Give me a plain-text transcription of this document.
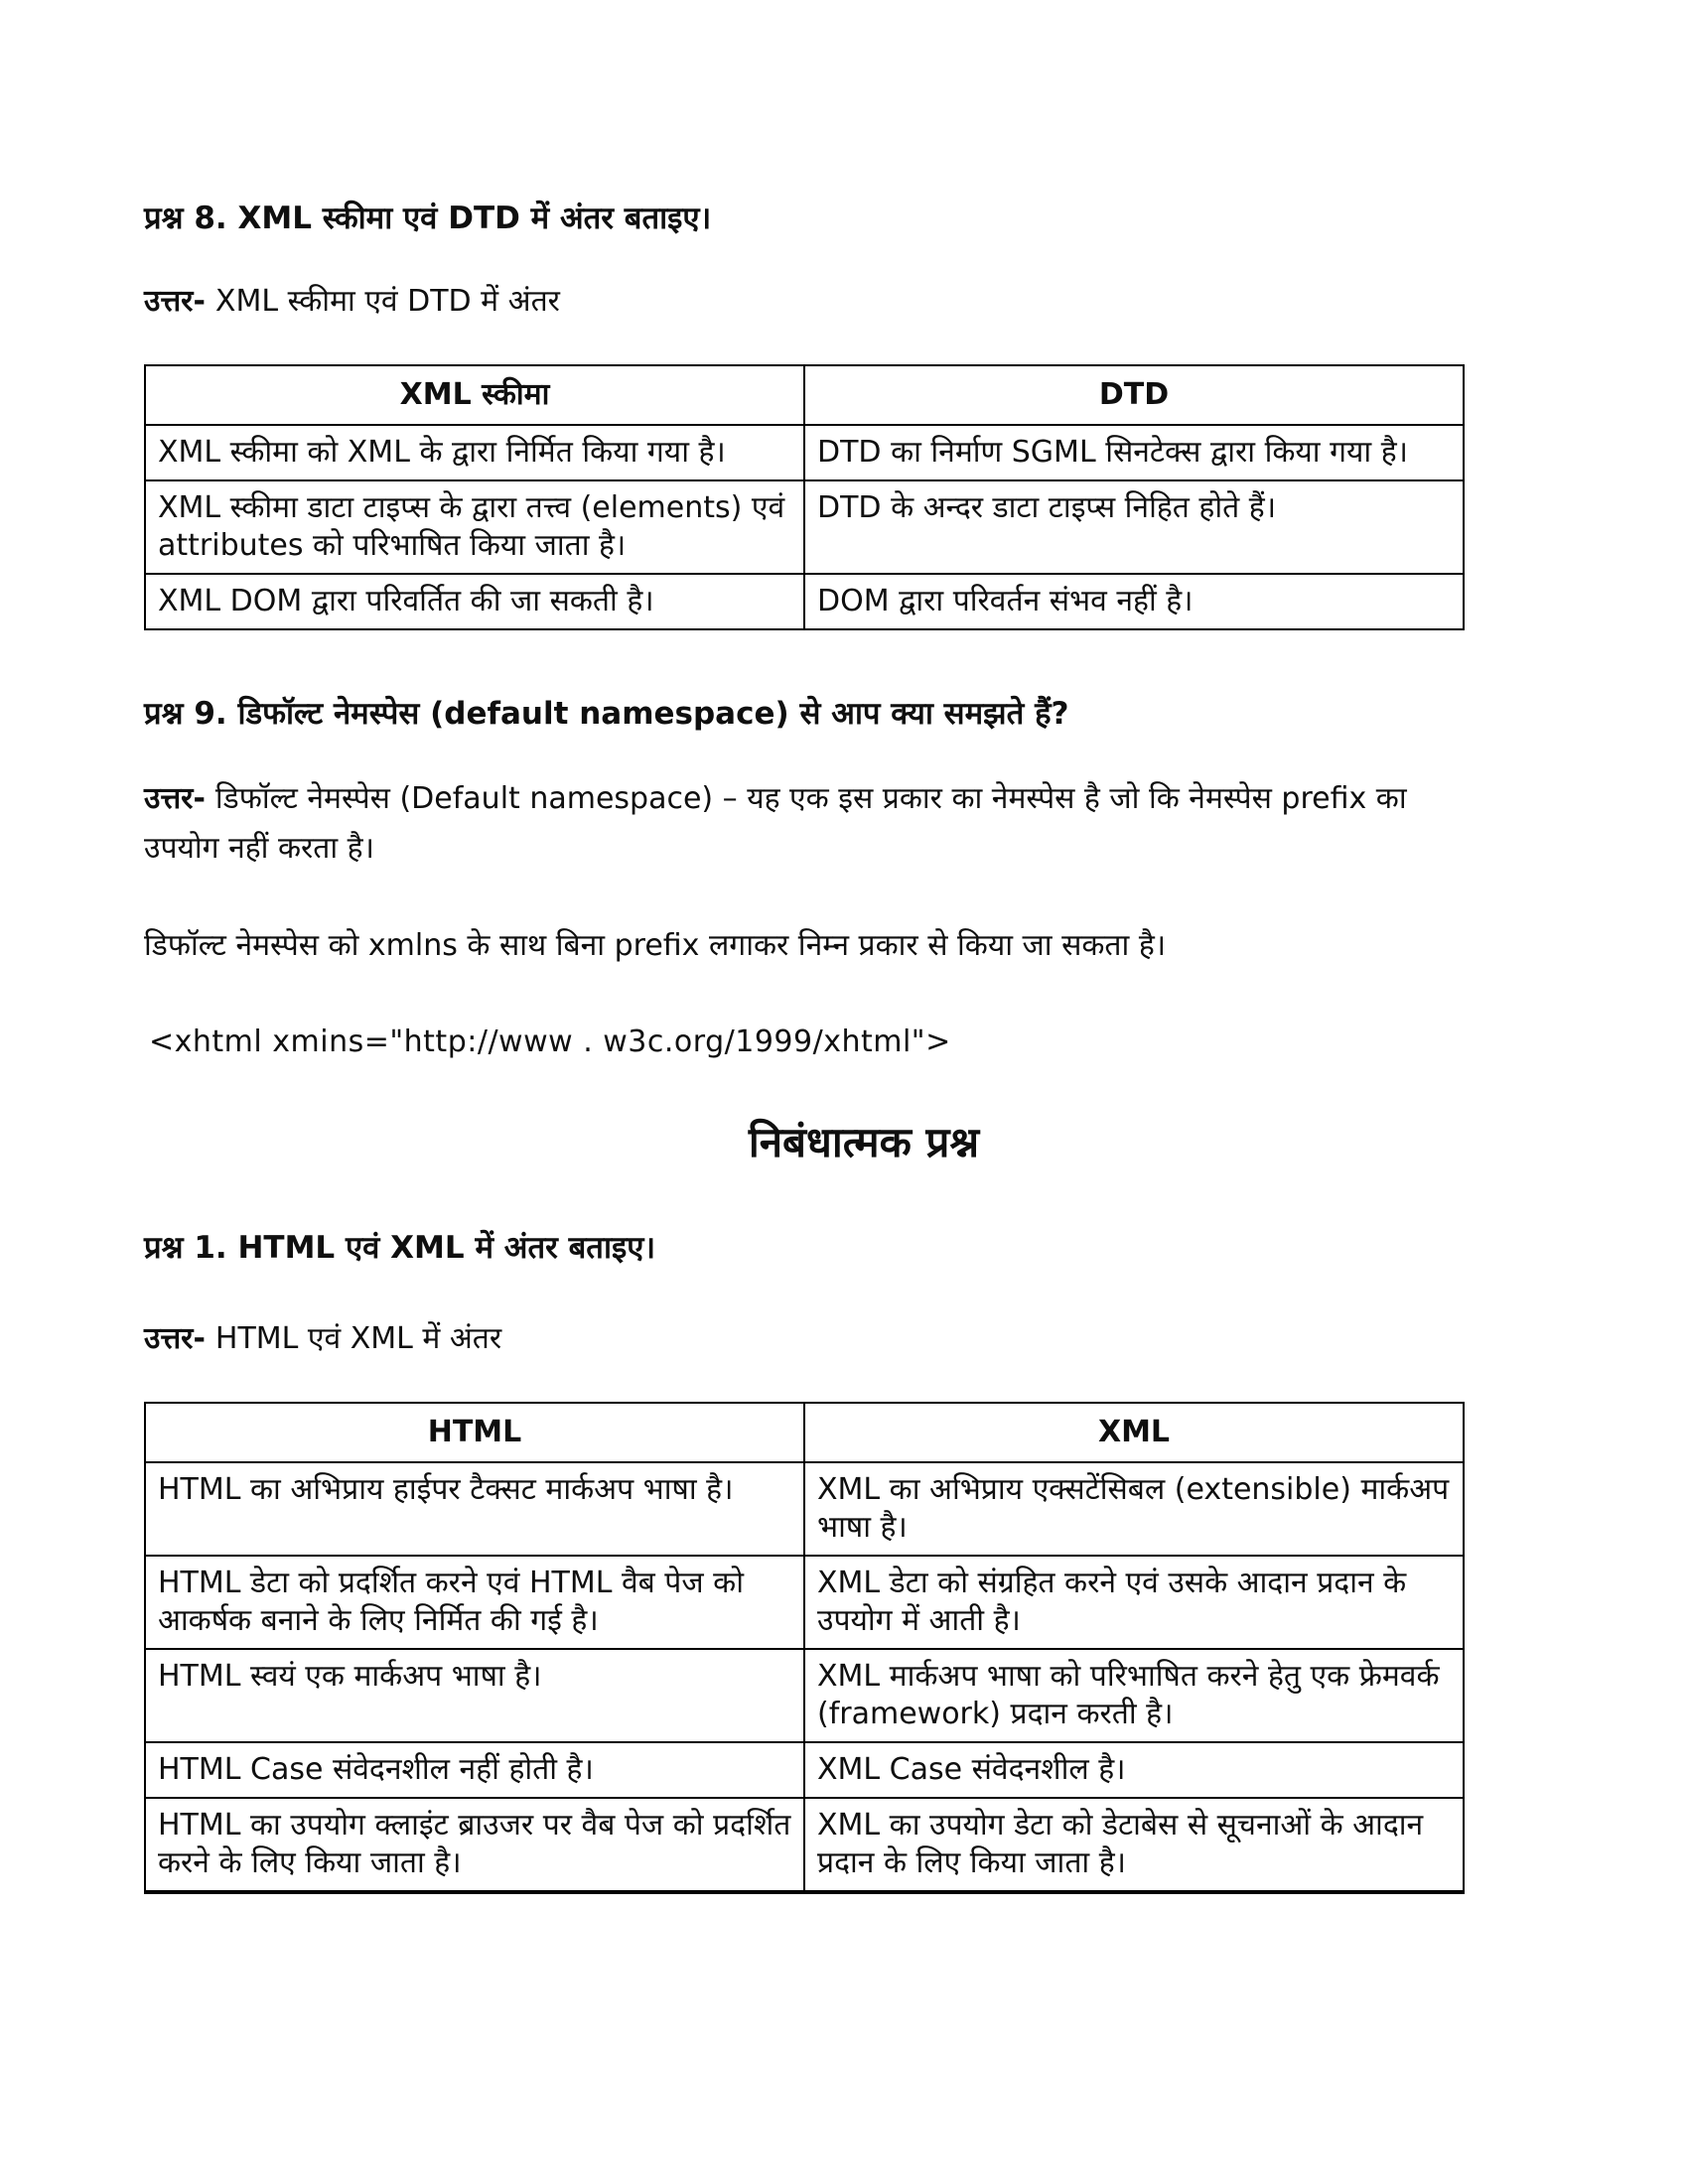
प्रश्न 8. XML स्कीमा एवं DTD में अंतर बताइए।

उत्तर- XML स्कीमा एवं DTD में अंतर

XML स्कीमा	DTD
XML स्कीमा को XML के द्वारा निर्मित किया गया है।	DTD का निर्माण SGML सिनटेक्स द्वारा किया गया है।
XML स्कीमा डाटा टाइप्स के द्वारा तत्त्व (elements) एवं attributes को परिभाषित किया जाता है।	DTD के अन्दर डाटा टाइप्स निहित होते हैं।
XML DOM द्वारा परिवर्तित की जा सकती है।	DOM द्वारा परिवर्तन संभव नहीं है।
प्रश्न 9. डिफॉल्ट नेमस्पेस (default namespace) से आप क्या समझते हैं?

उत्तर- डिफॉल्ट नेमस्पेस (Default namespace) – यह एक इस प्रकार का नेमस्पेस है जो कि नेमस्पेस prefix का उपयोग नहीं करता है।

डिफॉल्ट नेमस्पेस को xmlns के साथ बिना prefix लगाकर निम्न प्रकार से किया जा सकता है।

<xhtml xmins="http://www . w3c.org/1999/xhtml">

निबंधात्मक प्रश्न
प्रश्न 1. HTML एवं XML में अंतर बताइए।

उत्तर- HTML एवं XML में अंतर

HTML	XML
HTML का अभिप्राय हाईपर टैक्सट मार्कअप भाषा है।	XML का अभिप्राय एक्सटेंसिबल (extensible) मार्कअप भाषा है।
HTML डेटा को प्रदर्शित करने एवं HTML वैब पेज को आकर्षक बनाने के लिए निर्मित की गई है।	XML डेटा को संग्रहित करने एवं उसके आदान प्रदान के उपयोग में आती है।
HTML स्वयं एक मार्कअप भाषा है।	XML मार्कअप भाषा को परिभाषित करने हेतु एक फ्रेमवर्क (framework) प्रदान करती है।
HTML Case संवेदनशील नहीं होती है।	XML Case संवेदनशील है।
HTML का उपयोग क्लाइंट ब्राउजर पर वैब पेज को प्रदर्शित करने के लिए किया जाता है।	XML का उपयोग डेटा को डेटाबेस से सूचनाओं के आदान प्रदान के लिए किया जाता है।
